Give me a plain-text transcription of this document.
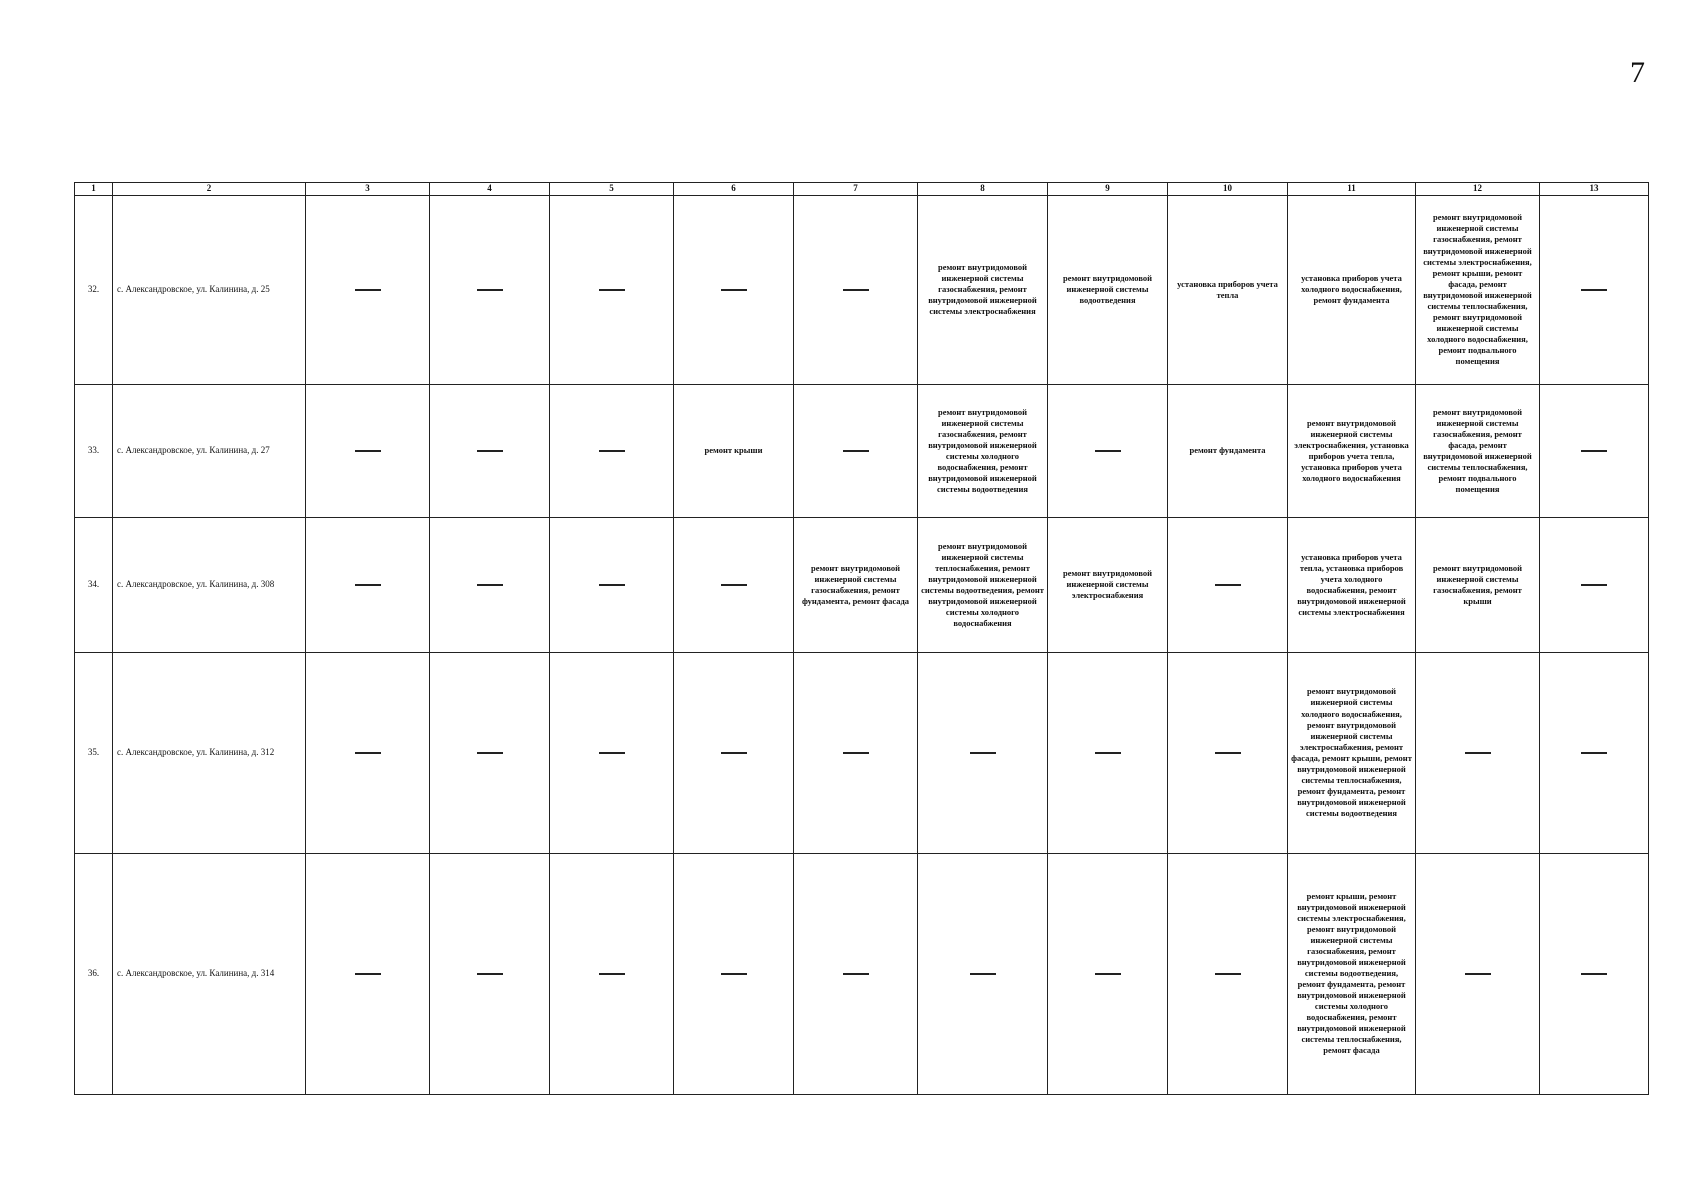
7
1	2	3	4	5	6	7	8	9	10	11	12	13
32.	с. Александровское, ул. Калинина, д. 25						ремонт внутридомовой инженерной системы газоснабжения, ремонт внутридомовой инженерной системы электроснабжения	ремонт внутридомовой инженерной системы водоотведения	установка приборов учета тепла	установка приборов учета холодного водоснабжения, ремонт фундамента	ремонт внутридомовой инженерной системы газоснабжения, ремонт внутридомовой инженерной системы электроснабжения, ремонт крыши, ремонт фасада, ремонт внутридомовой инженерной системы теплоснабжения, ремонт внутридомовой инженерной системы холодного водоснабжения, ремонт подвального помещения	
33.	с. Александровское, ул. Калинина, д. 27				ремонт крыши		ремонт внутридомовой инженерной системы газоснабжения, ремонт внутридомовой инженерной системы холодного водоснабжения, ремонт внутридомовой инженерной системы водоотведения		ремонт фундамента	ремонт внутридомовой инженерной системы электроснабжения, установка приборов учета тепла, установка приборов учета холодного водоснабжения	ремонт внутридомовой инженерной системы газоснабжения, ремонт фасада, ремонт внутридомовой инженерной системы теплоснабжения, ремонт подвального помещения	
34.	с. Александровское, ул. Калинина, д. 308					ремонт внутридомовой инженерной системы газоснабжения, ремонт фундамента, ремонт фасада	ремонт внутридомовой инженерной системы теплоснабжения, ремонт внутридомовой инженерной системы водоотведения, ремонт внутридомовой инженерной системы холодного водоснабжения	ремонт внутридомовой инженерной системы электроснабжения		установка приборов учета тепла, установка приборов учета холодного водоснабжения, ремонт внутридомовой инженерной системы электроснабжения	ремонт внутридомовой инженерной системы газоснабжения, ремонт крыши	
35.	с. Александровское, ул. Калинина, д. 312									ремонт внутридомовой инженерной системы холодного водоснабжения, ремонт внутридомовой инженерной системы электроснабжения, ремонт фасада, ремонт крыши, ремонт внутридомовой инженерной системы теплоснабжения, ремонт фундамента, ремонт внутридомовой инженерной системы водоотведения		
36.	с. Александровское, ул. Калинина, д. 314									ремонт крыши, ремонт внутридомовой инженерной системы электроснабжения, ремонт внутридомовой инженерной системы газоснабжения, ремонт внутридомовой инженерной системы водоотведения, ремонт фундамента, ремонт внутридомовой инженерной системы холодного водоснабжения, ремонт внутридомовой инженерной системы теплоснабжения, ремонт фасада		
